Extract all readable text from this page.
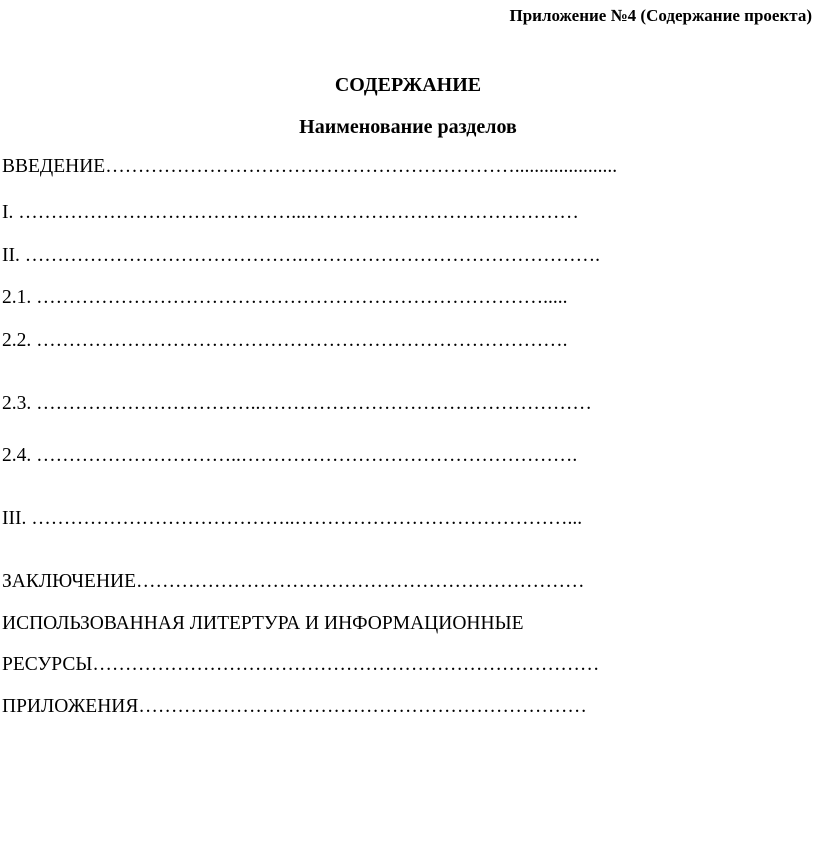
Приложение №4 (Содержание проекта)
СОДЕРЖАНИЕ
Наименование разделов
ВВЕДЕНИЕ……………………………………………………….....................
I. ……………………………………...……………………………………
II. …………………………………….……………………………………….
2.1. …………………………………………………………………….....
2.2. ……………………………………………………………………….
2.3. ……………………………..……………………………………………
2.4. …………………………..…………………………………………….
III. …………………………………..……………………………………...
ЗАКЛЮЧЕНИЕ……………………………………………………………
ИСПОЛЬЗОВАННАЯ ЛИТЕРТУРА И ИНФОРМАЦИОННЫЕ
РЕСУРСЫ……………………………………………………………………
ПРИЛОЖЕНИЯ……………………………………………………………
